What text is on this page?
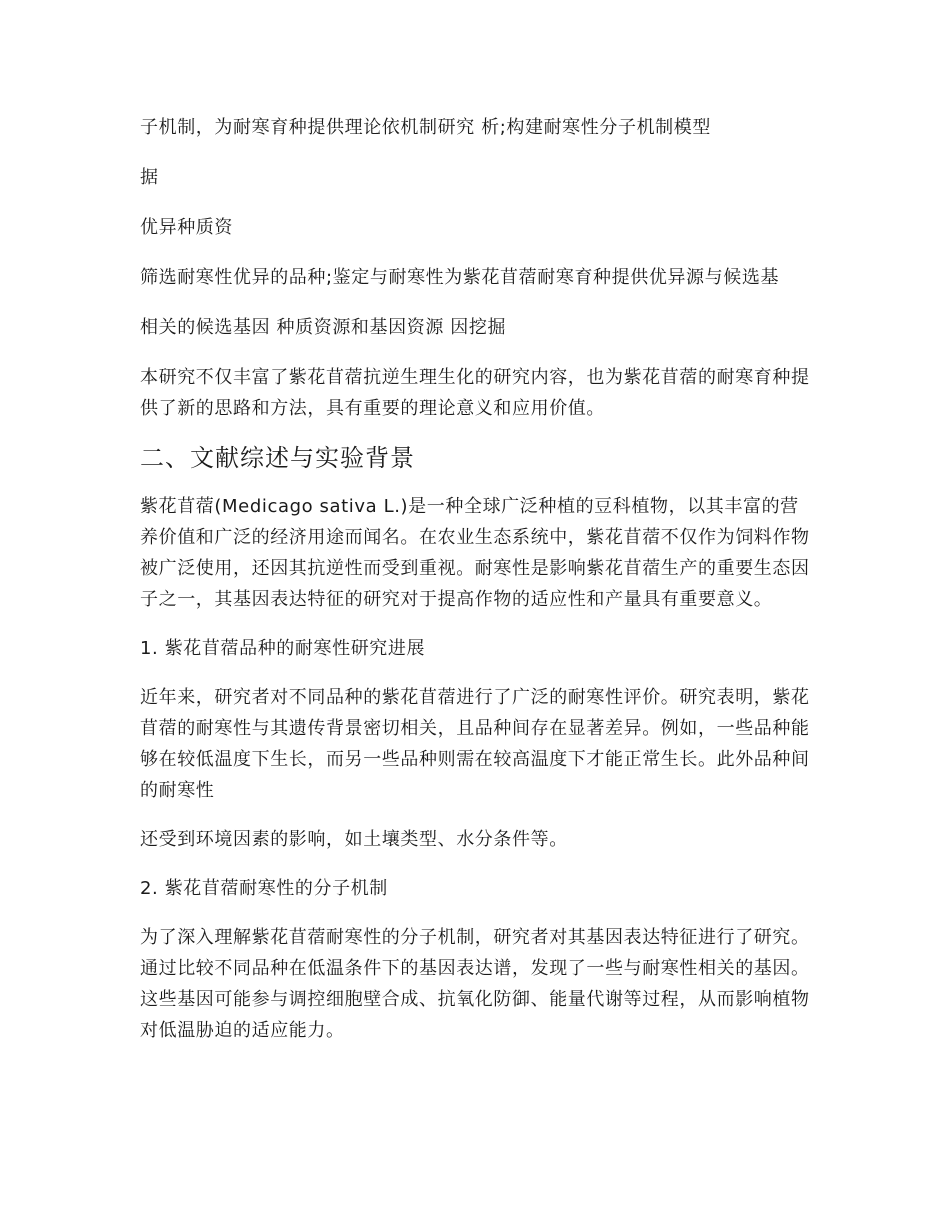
子机制，为耐寒育种提供理论依机制研究 析;构建耐寒性分子机制模型

据

优异种质资

筛选耐寒性优异的品种;鉴定与耐寒性为紫花苜蓿耐寒育种提供优异源与候选基

相关的候选基因 种质资源和基因资源 因挖掘

本研究不仅丰富了紫花苜蓿抗逆生理生化的研究内容，也为紫花苜蓿的耐寒育种提供了新的思路和方法，具有重要的理论意义和应用价值。

二、文献综述与实验背景

紫花苜蓿(Medicago sativa L.)是一种全球广泛种植的豆科植物，以其丰富的营养价值和广泛的经济用途而闻名。在农业生态系统中，紫花苜蓿不仅作为饲料作物被广泛使用，还因其抗逆性而受到重视。耐寒性是影响紫花苜蓿生产的重要生态因子之一，其基因表达特征的研究对于提高作物的适应性和产量具有重要意义。

1. 紫花苜蓿品种的耐寒性研究进展

近年来，研究者对不同品种的紫花苜蓿进行了广泛的耐寒性评价。研究表明，紫花苜蓿的耐寒性与其遗传背景密切相关，且品种间存在显著差异。例如，一些品种能够在较低温度下生长，而另一些品种则需在较高温度下才能正常生长。此外品种间的耐寒性

还受到环境因素的影响，如土壤类型、水分条件等。

2. 紫花苜蓿耐寒性的分子机制

为了深入理解紫花苜蓿耐寒性的分子机制，研究者对其基因表达特征进行了研究。通过比较不同品种在低温条件下的基因表达谱，发现了一些与耐寒性相关的基因。这些基因可能参与调控细胞壁合成、抗氧化防御、能量代谢等过程，从而影响植物对低温胁迫的适应能力。
